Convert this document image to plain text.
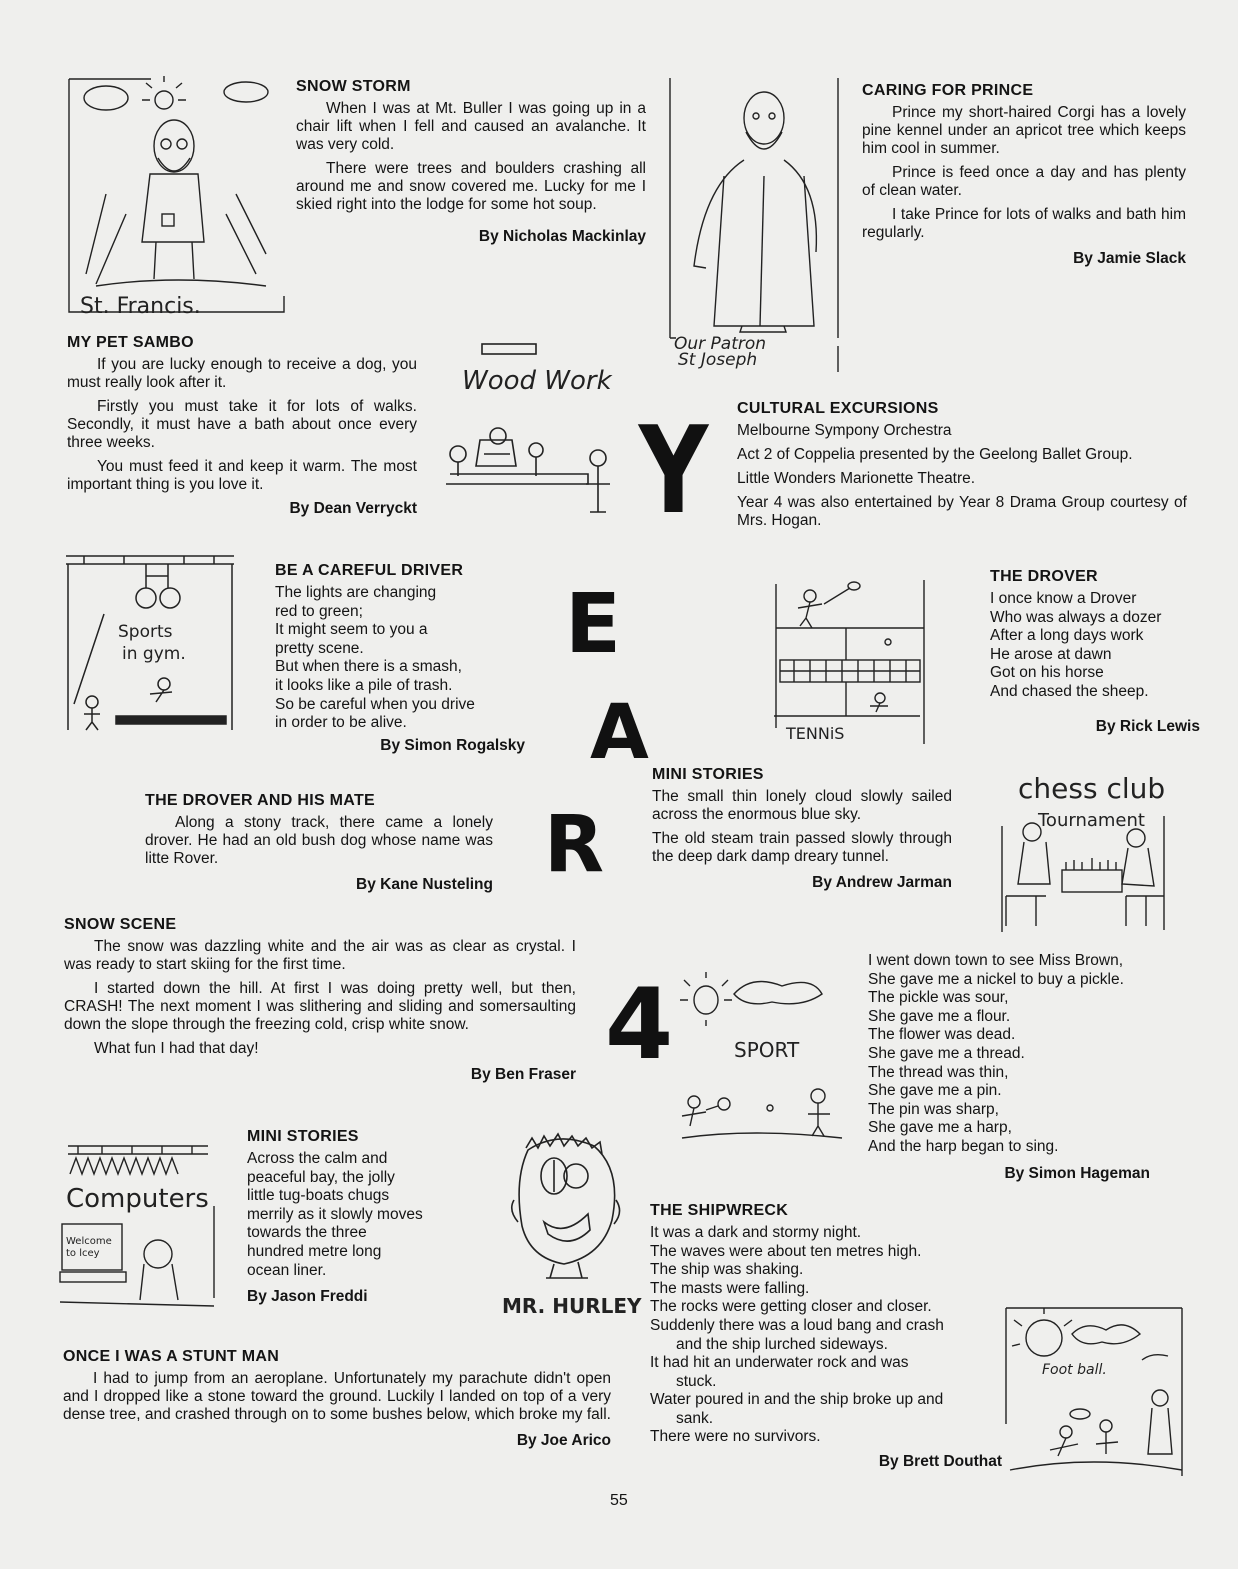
St. Francis.
SNOW STORM

When I was at Mt. Buller I was going up in a chair lift when I fell and caused an avalanche. It was very cold.

There were trees and boulders crashing all around me and snow covered me. Lucky for me I skied right into the lodge for some hot soup.

By Nicholas Mackinlay
Our Patron
St Joseph
CARING FOR PRINCE

Prince my short-haired Corgi has a lovely pine kennel under an apricot tree which keeps him cool in summer.

Prince is feed once a day and has plenty of clean water.

I take Prince for lots of walks and bath him regularly.

By Jamie Slack
MY PET SAMBO

If you are lucky enough to receive a dog, you must really look after it.

Firstly you must take it for lots of walks. Secondly, it must have a bath about once every three weeks.

You must feed it and keep it warm. The most important thing is you love it.

By Dean Verryckt
Wood Work
Y
E
A
R
4
CULTURAL EXCURSIONS

Melbourne Sympony Orchestra

Act 2 of Coppelia presented by the Geelong Ballet Group.

Little Wonders Marionette Theatre.

Year 4 was also entertained by Year 8 Drama Group courtesy of Mrs. Hogan.

Sports
in gym.
BE A CAREFUL DRIVER
The lights are changing
red to green;
It might seem to you a
pretty scene.
But when there is a smash,
it looks like a pile of trash.
So be careful when you drive
in order to be alive.
By Simon Rogalsky
TENNiS
THE DROVER
I once know a Drover
Who was always a dozer
After a long days work
He arose at dawn
Got on his horse
And chased the sheep.
By Rick Lewis
MINI STORIES

The small thin lonely cloud slowly sailed across the enormous blue sky.

The old steam train passed slowly through the deep dark damp dreary tunnel.

By Andrew Jarman
chess club
Tournament
THE DROVER AND HIS MATE

Along a stony track, there came a lonely drover. He had an old bush dog whose name was litte Rover.

By Kane Nusteling
SNOW SCENE

The snow was dazzling white and the air was as clear as crystal. I was ready to start skiing for the first time.

I started down the hill. At first I was doing pretty well, but then, CRASH! The next moment I was slithering and sliding and somersaulting down the slope through the freezing cold, crisp white snow.

What fun I had that day!

By Ben Fraser
SPORT
I went down town to see Miss Brown,
She gave me a nickel to buy a pickle.
The pickle was sour,
She gave me a flour.
The flower was dead.
She gave me a thread.
The thread was thin,
She gave me a pin.
The pin was sharp,
She gave me a harp,
And the harp began to sing.
By Simon Hageman
Computers
Welcome to lcey
MINI STORIES
Across the calm and
peaceful bay, the jolly
little tug-boats chugs
merrily as it slowly moves
towards the three
hundred metre long
ocean liner.
By Jason Freddi	MR. HURLEY
THE SHIPWRECK
It was a dark and stormy night.
The waves were about ten metres high.
The ship was shaking.
The masts were falling.
The rocks were getting closer and closer.
Suddenly there was a loud bang and crash
and the ship lurched sideways.
It had hit an underwater rock and was
stuck.
Water poured in and the ship broke up and
sank.
There were no survivors.
By Brett Douthat
Foot ball.
ONCE I WAS A STUNT MAN

I had to jump from an aeroplane. Unfortunately my parachute didn't open and I dropped like a stone toward the ground. Luckily I landed on top of a very dense tree, and crashed through on to some bushes below, which broke my fall.

By Joe Arico
55
